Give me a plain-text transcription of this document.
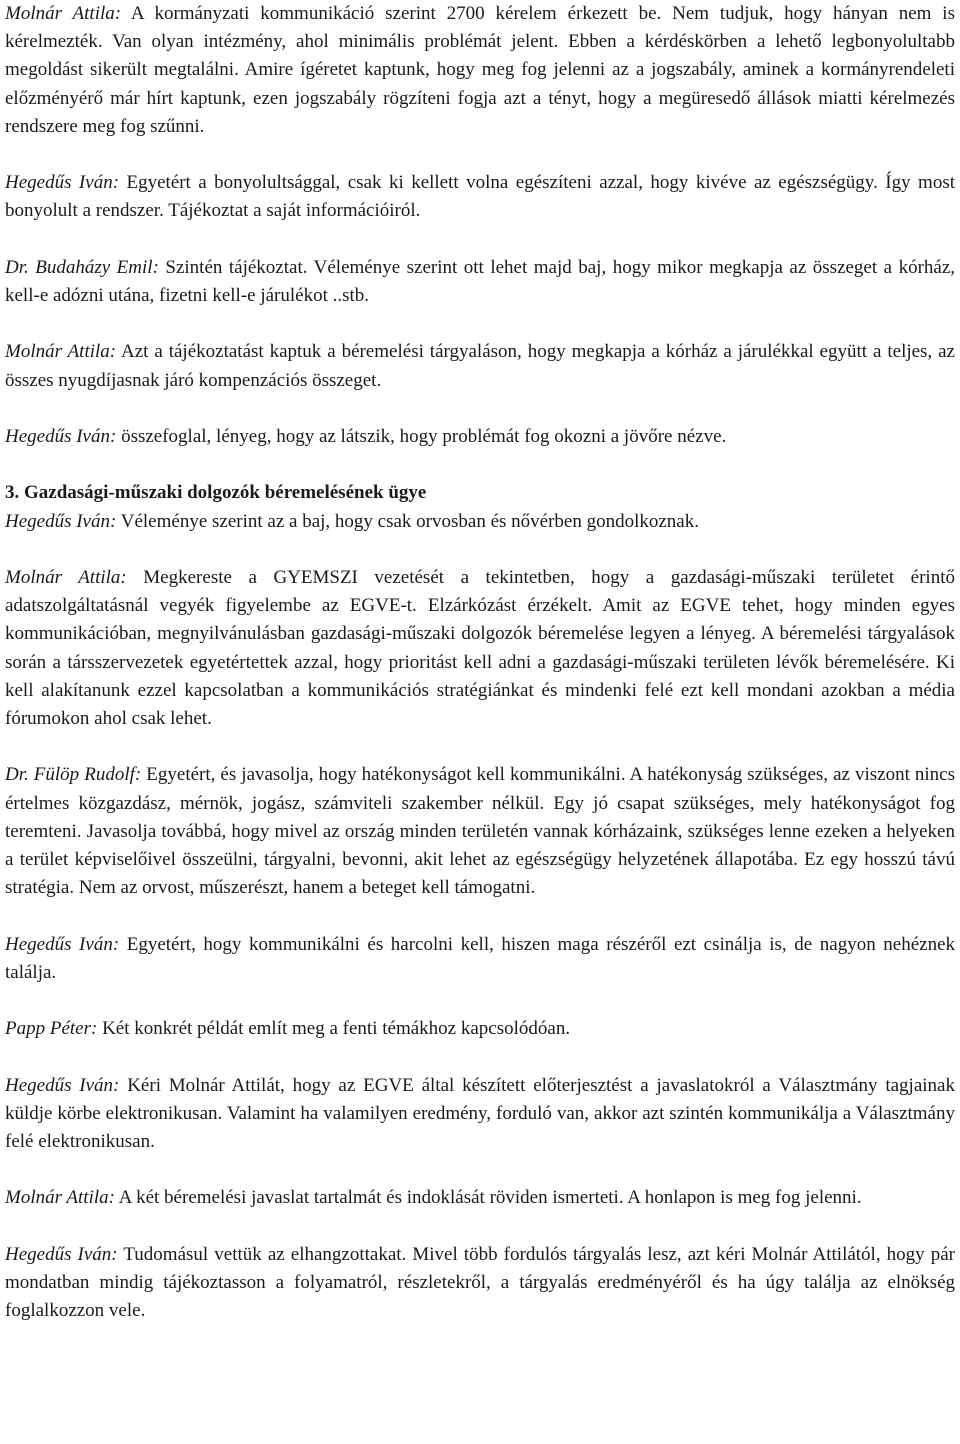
Molnár Attila: A kormányzati kommunikáció szerint 2700 kérelem érkezett be. Nem tudjuk, hogy hányan nem is kérelmezték. Van olyan intézmény, ahol minimális problémát jelent. Ebben a kérdéskörben a lehető legbonyolultabb megoldást sikerült megtalálni. Amire ígéretet kaptunk, hogy meg fog jelenni az a jogszabály, aminek a kormányrendeleti előzményérő már hírt kaptunk, ezen jogszabály rögzíteni fogja azt a tényt, hogy a megüresedő állások miatti kérelmezés rendszere meg fog szűnni.

Hegedűs Iván: Egyetért a bonyolultsággal, csak ki kellett volna egészíteni azzal, hogy kivéve az egészségügy. Így most bonyolult a rendszer. Tájékoztat a saját információiról.

Dr. Budaházy Emil: Szintén tájékoztat. Véleménye szerint ott lehet majd baj, hogy mikor megkapja az összeget a kórház, kell-e adózni utána, fizetni kell-e járulékot ..stb.

Molnár Attila: Azt a tájékoztatást kaptuk a béremelési tárgyaláson, hogy megkapja a kórház a járulékkal együtt a teljes, az összes nyugdíjasnak járó kompenzációs összeget.

Hegedűs Iván: összefoglal, lényeg, hogy az látszik, hogy problémát fog okozni a jövőre nézve.

3. Gazdasági-műszaki dolgozók béremelésének ügye

Hegedűs Iván: Véleménye szerint az a baj, hogy csak orvosban és nővérben gondolkoznak.

Molnár Attila: Megkereste a GYEMSZI vezetését a tekintetben, hogy a gazdasági-műszaki területet érintő adatszolgáltatásnál vegyék figyelembe az EGVE-t. Elzárkózást érzékelt. Amit az EGVE tehet, hogy minden egyes kommunikációban, megnyilvánulásban gazdasági-műszaki dolgozók béremelése legyen a lényeg. A béremelési tárgyalások során a társszervezetek egyetértettek azzal, hogy prioritást kell adni a gazdasági-műszaki területen lévők béremelésére. Ki kell alakítanunk ezzel kapcsolatban a kommunikációs stratégiánkat és mindenki felé ezt kell mondani azokban a média fórumokon ahol csak lehet.

Dr. Fülöp Rudolf: Egyetért, és javasolja, hogy hatékonyságot kell kommunikálni. A hatékonyság szükséges, az viszont nincs értelmes közgazdász, mérnök, jogász, számviteli szakember nélkül. Egy jó csapat szükséges, mely hatékonyságot fog teremteni. Javasolja továbbá, hogy mivel az ország minden területén vannak kórházaink, szükséges lenne ezeken a helyeken a terület képviselőivel összeülni, tárgyalni, bevonni, akit lehet az egészségügy helyzetének állapotába. Ez egy hosszú távú stratégia. Nem az orvost, műszerészt, hanem a beteget kell támogatni.

Hegedűs Iván: Egyetért, hogy kommunikálni és harcolni kell, hiszen maga részéről ezt csinálja is, de nagyon nehéznek találja.

Papp Péter: Két konkrét példát említ meg a fenti témákhoz kapcsolódóan.

Hegedűs Iván: Kéri Molnár Attilát, hogy az EGVE által készített előterjesztést a javaslatokról a Választmány tagjainak küldje körbe elektronikusan. Valamint ha valamilyen eredmény, forduló van, akkor azt szintén kommunikálja a Választmány felé elektronikusan.

Molnár Attila: A két béremelési javaslat tartalmát és indoklását röviden ismerteti. A honlapon is meg fog jelenni.

Hegedűs Iván: Tudomásul vettük az elhangzottakat. Mivel több fordulós tárgyalás lesz, azt kéri Molnár Attilától, hogy pár mondatban mindig tájékoztasson a folyamatról, részletekről, a tárgyalás eredményéről és ha úgy találja az elnökség foglalkozzon vele.
